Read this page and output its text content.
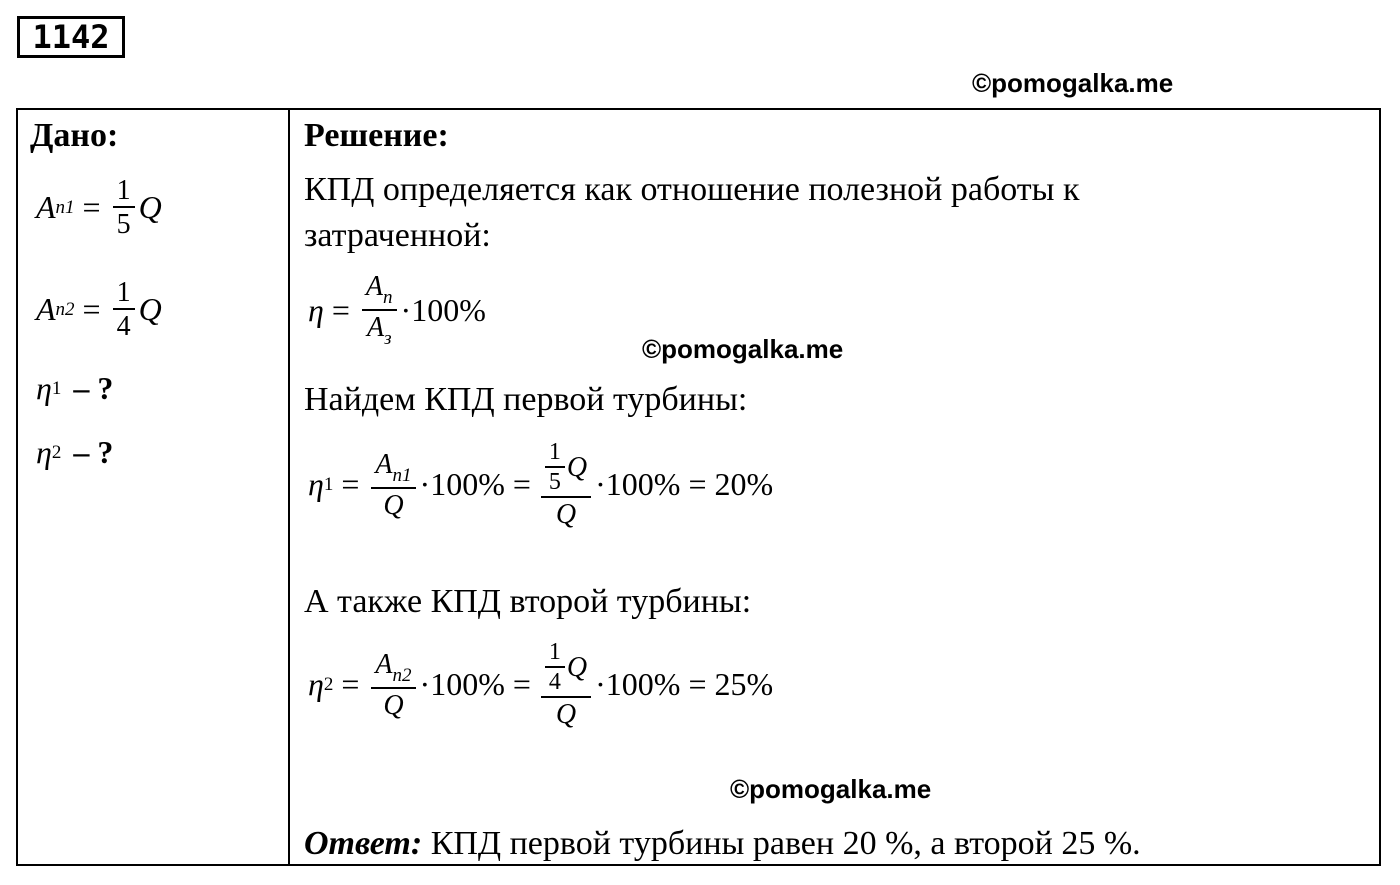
1142
©pomogalka.me
Дано:
A $п1 = \frac{1}{5}$ Q
A $п2 = \frac{1}{4}$ Q
η 1 – ?
η 2 – ?
Решение:
КПД определяется как отношение полезной работы к
затраченной:
$\eta = \frac{A_п}{A_з} \cdot 100\%$
©pomogalka.me
Найдем КПД первой турбины:
η $1 = \frac{A_{п1}}{Q} \cdot 100\% = \frac{\frac{1}{5} Q}{Q} \cdot 100\% = 20\%$
А также КПД второй турбины:
η $2 = \frac{A_{п2}}{Q} \cdot 100\% = \frac{\frac{1}{4} Q}{Q} \cdot 100\% = 25\%$
©pomogalka.me
Ответ: КПД первой турбины равен 20 %, а второй 25 %.
